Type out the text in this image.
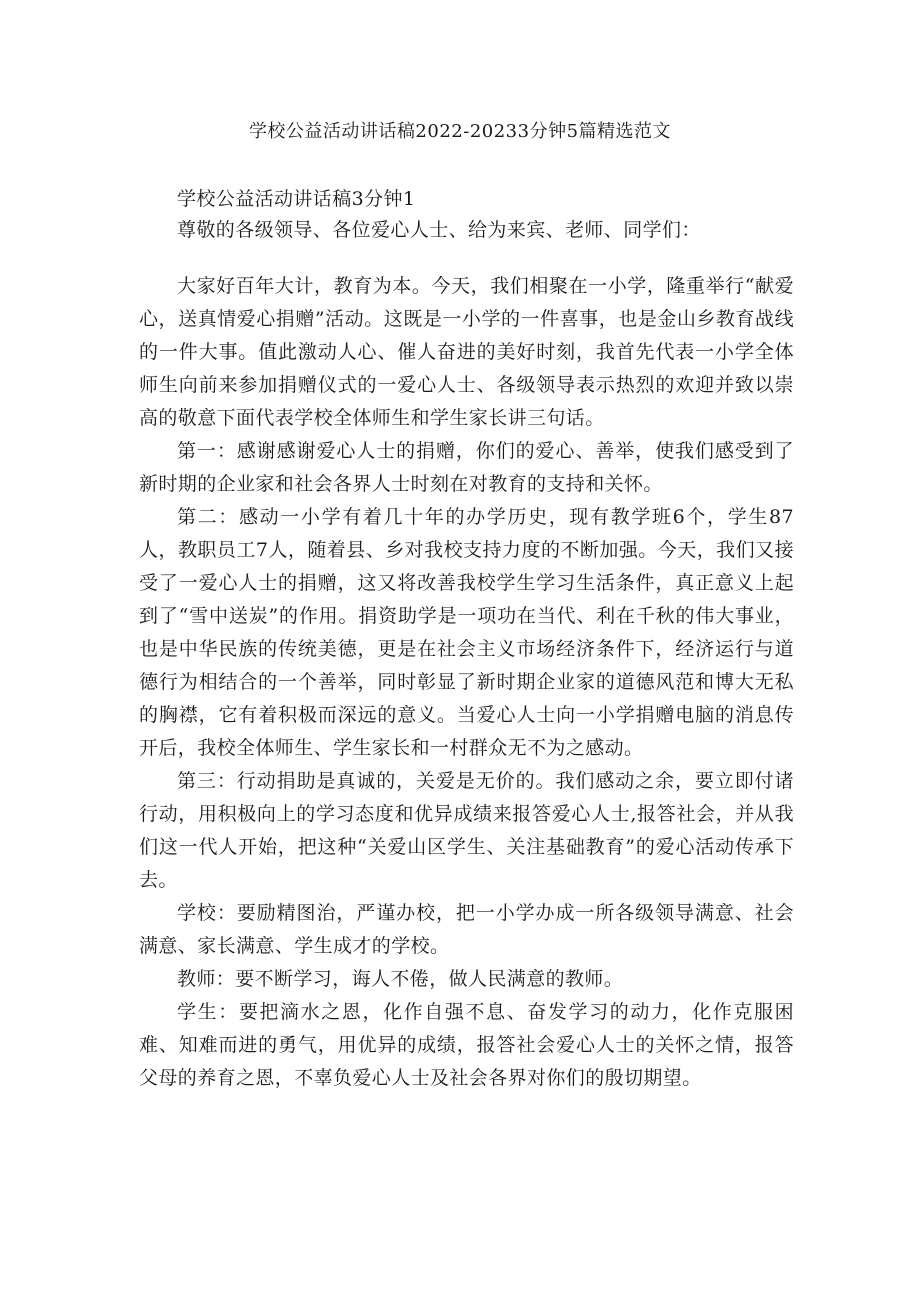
学校公益活动讲话稿2022-20233分钟5篇精选范文

学校公益活动讲话稿3分钟1

尊敬的各级领导、各位爱心人士、给为来宾、老师、同学们：

大家好百年大计，教育为本。今天，我们相聚在一小学，隆重举行“献爱心，送真情爱心捐赠”活动。这既是一小学的一件喜事，也是金山乡教育战线的一件大事。值此激动人心、催人奋进的美好时刻，我首先代表一小学全体师生向前来参加捐赠仪式的一爱心人士、各级领导表示热烈的欢迎并致以崇高的敬意下面代表学校全体师生和学生家长讲三句话。

第一：感谢感谢爱心人士的捐赠，你们的爱心、善举，使我们感受到了新时期的企业家和社会各界人士时刻在对教育的支持和关怀。

第二：感动一小学有着几十年的办学历史，现有教学班6个，学生87人，教职员工7人，随着县、乡对我校支持力度的不断加强。今天，我们又接受了一爱心人士的捐赠，这又将改善我校学生学习生活条件，真正意义上起到了“雪中送炭”的作用。捐资助学是一项功在当代、利在千秋的伟大事业，也是中华民族的传统美德，更是在社会主义市场经济条件下，经济运行与道德行为相结合的一个善举，同时彰显了新时期企业家的道德风范和博大无私的胸襟，它有着积极而深远的意义。当爱心人士向一小学捐赠电脑的消息传开后，我校全体师生、学生家长和一村群众无不为之感动。

第三：行动捐助是真诚的，关爱是无价的。我们感动之余，要立即付诸行动，用积极向上的学习态度和优异成绩来报答爱心人士,报答社会，并从我们这一代人开始，把这种“关爱山区学生、关注基础教育”的爱心活动传承下去。

学校：要励精图治，严谨办校，把一小学办成一所各级领导满意、社会满意、家长满意、学生成才的学校。

教师：要不断学习，诲人不倦，做人民满意的教师。

学生：要把滴水之恩，化作自强不息、奋发学习的动力，化作克服困难、知难而进的勇气，用优异的成绩，报答社会爱心人士的关怀之情，报答父母的养育之恩，不辜负爱心人士及社会各界对你们的殷切期望。
